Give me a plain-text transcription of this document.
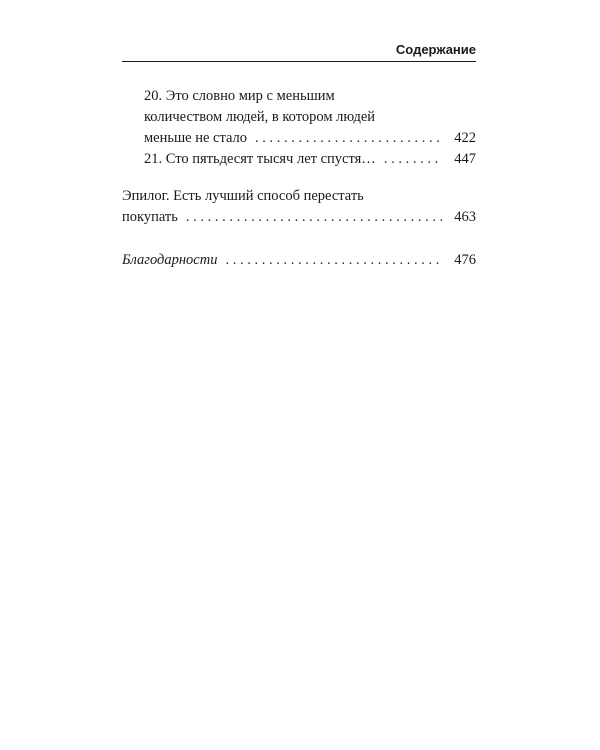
Содержание
20. Это словно мир с меньшим
количеством людей, в котором людей
меньше не стало . . .	422
21. Сто пятьдесят тысяч лет спустя… . . .	447
Эпилог. Есть лучший способ перестать
покупать . . .	463
Благодарности . . .	476
